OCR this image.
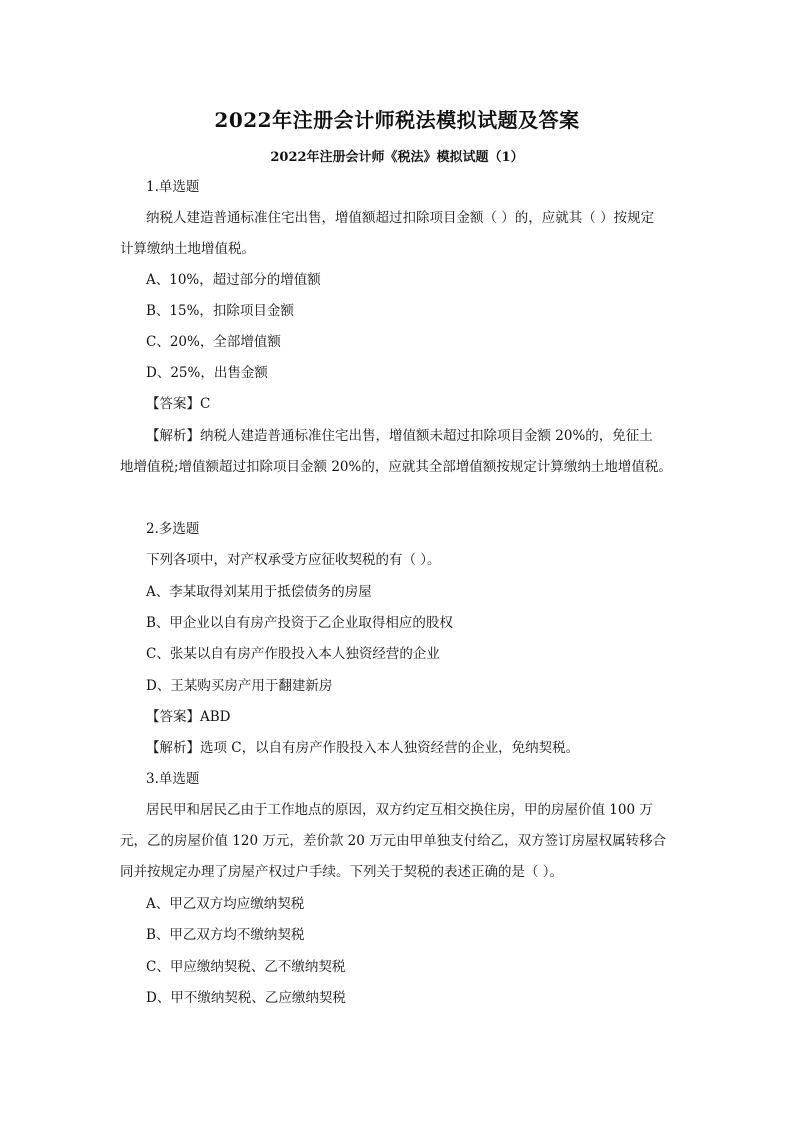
2022年注册会计师税法模拟试题及答案
2022年注册会计师《税法》模拟试题（1）
1.单选题
纳税人建造普通标准住宅出售，增值额超过扣除项目金额（ ）的，应就其（ ）按规定
计算缴纳土地增值税。
A、10%，超过部分的增值额
B、15%，扣除项目金额
C、20%，全部增值额
D、25%，出售金额
【答案】C
【解析】纳税人建造普通标准住宅出售，增值额未超过扣除项目金额 20%的，免征土
地增值税;增值额超过扣除项目金额 20%的，应就其全部增值额按规定计算缴纳土地增值税。
2.多选题
下列各项中，对产权承受方应征收契税的有（ ）。
A、李某取得刘某用于抵偿债务的房屋
B、甲企业以自有房产投资于乙企业取得相应的股权
C、张某以自有房产作股投入本人独资经营的企业
D、王某购买房产用于翻建新房
【答案】ABD
【解析】选项 C，以自有房产作股投入本人独资经营的企业，免纳契税。
3.单选题
居民甲和居民乙由于工作地点的原因，双方约定互相交换住房，甲的房屋价值 100 万
元，乙的房屋价值 120 万元，差价款 20 万元由甲单独支付给乙，双方签订房屋权属转移合
同并按规定办理了房屋产权过户手续。下列关于契税的表述正确的是（ ）。
A、甲乙双方均应缴纳契税
B、甲乙双方均不缴纳契税
C、甲应缴纳契税、乙不缴纳契税
D、甲不缴纳契税、乙应缴纳契税
